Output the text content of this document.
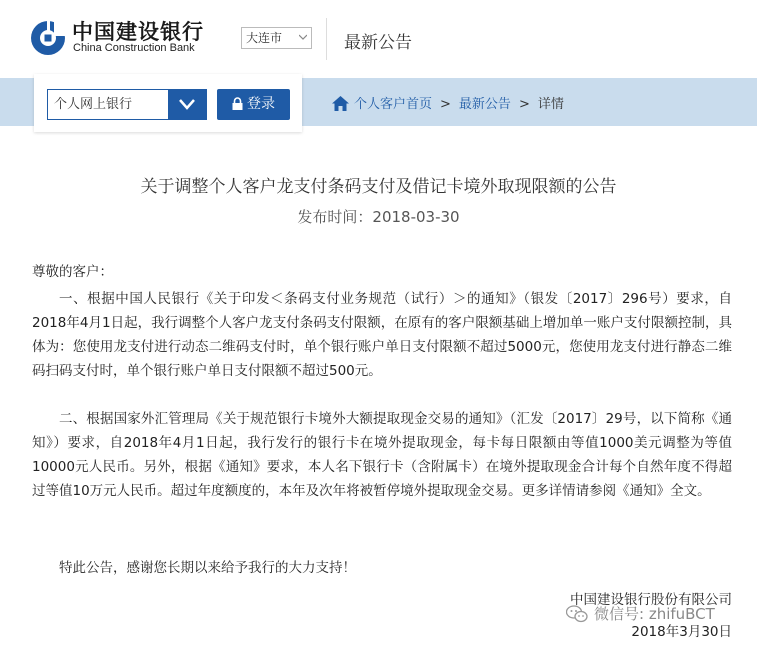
中国建设银行
China Construction Bank
大连市	最新公告
个人网上银行	登录	个人客户首页 > 最新公告 > 详情
关于调整个人客户龙支付条码支付及借记卡境外取现限额的公告
发布时间：2018-03-30
尊敬的客户：
一、根据中国人民银行《关于印发＜条码支付业务规范（试行）＞的通知》（银发〔2017〕296号）要求，自2018年4月1日起，我行调整个人客户龙支付条码支付限额，在原有的客户限额基础上增加单一账户支付限额控制，具体为：您使用龙支付进行动态二维码支付时，单个银行账户单日支付限额不超过5000元，您使用龙支付进行静态二维码扫码支付时，单个银行账户单日支付限额不超过500元。
二、根据国家外汇管理局《关于规范银行卡境外大额提取现金交易的通知》（汇发〔2017〕29号，以下简称《通知》）要求，自2018年4月1日起，我行发行的银行卡在境外提取现金，每卡每日限额由等值1000美元调整为等值10000元人民币。另外，根据《通知》要求，本人名下银行卡（含附属卡）在境外提取现金合计每个自然年度不得超过等值10万元人民币。超过年度额度的，本年及次年将被暂停境外提取现金交易。更多详情请参阅《通知》全文。
特此公告，感谢您长期以来给予我行的大力支持！
中国建设银行股份有限公司
微信号: zhifuBCT
2018年3月30日
